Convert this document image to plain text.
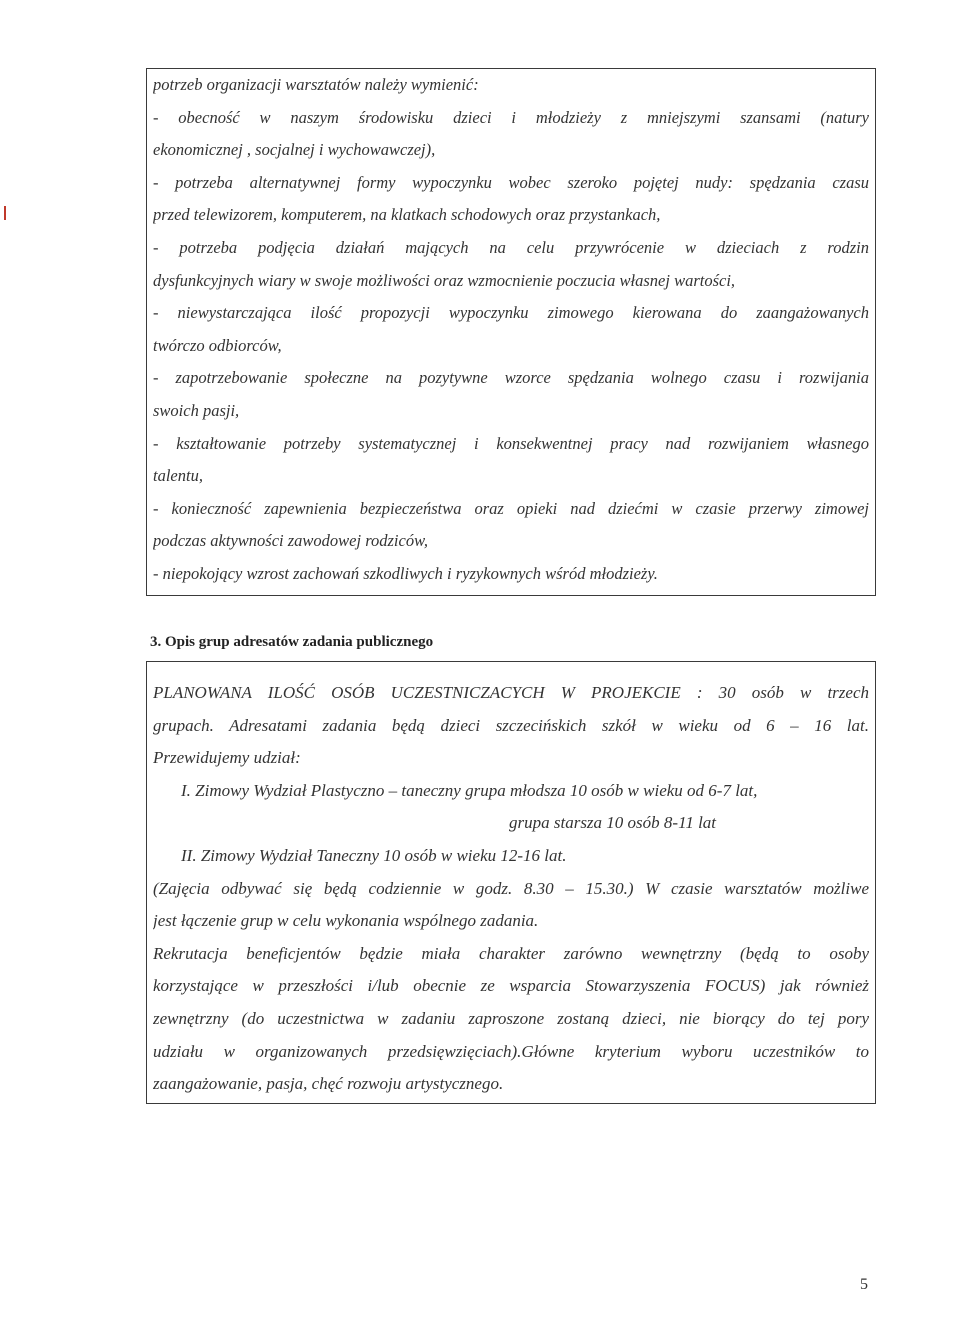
potrzeb organizacji warsztatów należy wymienić:
- obecność w naszym środowisku dzieci i młodzieży z mniejszymi szansami (natury
ekonomicznej , socjalnej i wychowawczej),
- potrzeba alternatywnej formy wypoczynku wobec szeroko pojętej nudy: spędzania czasu
przed telewizorem, komputerem, na klatkach schodowych oraz przystankach,
- potrzeba podjęcia działań mających na celu przywrócenie w dzieciach z rodzin
dysfunkcyjnych wiary w swoje możliwości oraz wzmocnienie poczucia własnej wartości,
- niewystarczająca ilość propozycji wypoczynku zimowego kierowana do zaangażowanych
twórczo odbiorców,
- zapotrzebowanie społeczne na pozytywne wzorce spędzania wolnego czasu i rozwijania
swoich pasji,
- kształtowanie potrzeby systematycznej i konsekwentnej pracy nad rozwijaniem własnego
talentu,
- konieczność zapewnienia bezpieczeństwa oraz opieki nad dziećmi w czasie przerwy zimowej
podczas aktywności zawodowej rodziców,
- niepokojący wzrost zachowań szkodliwych i ryzykownych wśród młodzieży.
3. Opis grup adresatów zadania publicznego
PLANOWANA ILOŚĆ OSÓB UCZESTNICZACYCH W PROJEKCIE : 30 osób w trzech
grupach. Adresatami zadania będą dzieci szczecińskich szkół w wieku od 6 – 16 lat.
Przewidujemy udział:
I. Zimowy Wydział Plastyczno – taneczny grupa młodsza 10 osób w wieku od 6-7 lat,
grupa starsza 10 osób 8-11 lat
II. Zimowy Wydział Taneczny 10 osób w wieku 12-16 lat.
(Zajęcia odbywać się będą codziennie w godz. 8.30 – 15.30.) W czasie warsztatów możliwe
jest łączenie grup w celu wykonania wspólnego zadania.
Rekrutacja beneficjentów będzie miała charakter zarówno wewnętrzny (będą to osoby
korzystające w przeszłości i/lub obecnie ze wsparcia Stowarzyszenia FOCUS) jak również
zewnętrzny (do uczestnictwa w zadaniu zaproszone zostaną dzieci, nie biorący do tej pory
udziału w organizowanych przedsięwzięciach).Główne kryterium wyboru uczestników to
zaangażowanie, pasja, chęć rozwoju artystycznego.
5
